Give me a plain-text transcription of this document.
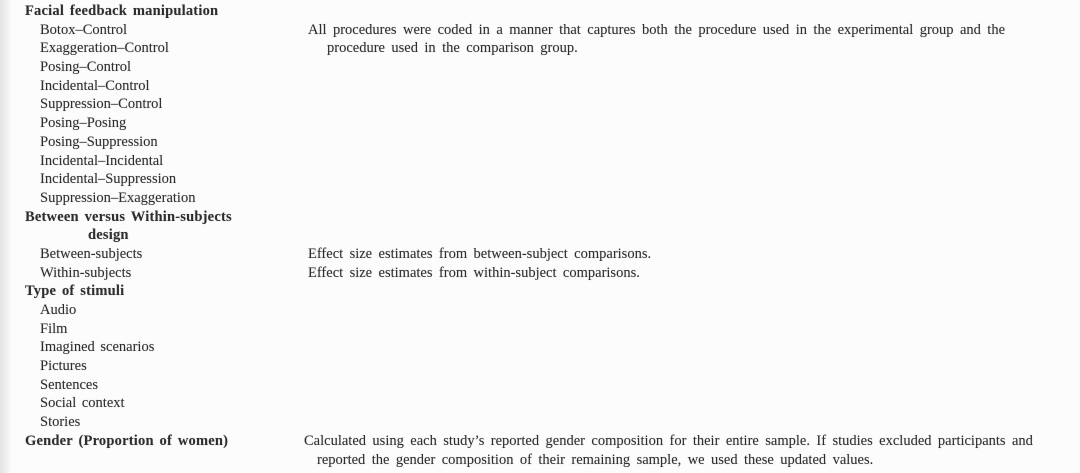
Facial feedback manipulation
Botox–Control
Exaggeration–Control
Posing–Control
Incidental–Control
Suppression–Control
Posing–Posing
Posing–Suppression
Incidental–Incidental
Incidental–Suppression
Suppression–Exaggeration
Between versus Within-subjects
design
Between-subjects
Within-subjects
Type of stimuli
Audio
Film
Imagined scenarios
Pictures
Sentences
Social context
Stories
Gender (Proportion of women)
All procedures were coded in a manner that captures both the procedure used in the experimental group and the procedure used in the comparison group.
Effect size estimates from between-subject comparisons.
Effect size estimates from within-subject comparisons.
Calculated using each study’s reported gender composition for their entire sample. If studies excluded participants and reported the gender composition of their remaining sample, we used these updated values.
